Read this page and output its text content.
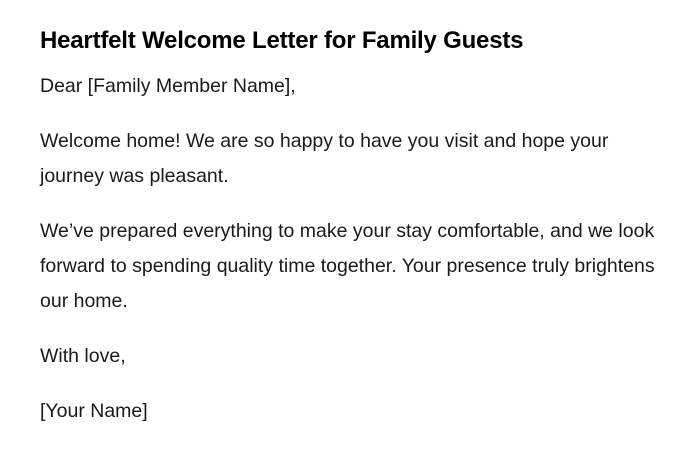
Heartfelt Welcome Letter for Family Guests

Dear [Family Member Name],

Welcome home! We are so happy to have you visit and hope your journey was pleasant.

We’ve prepared everything to make your stay comfortable, and we look forward to spending quality time together. Your presence truly brightens our home.

With love,

[Your Name]
